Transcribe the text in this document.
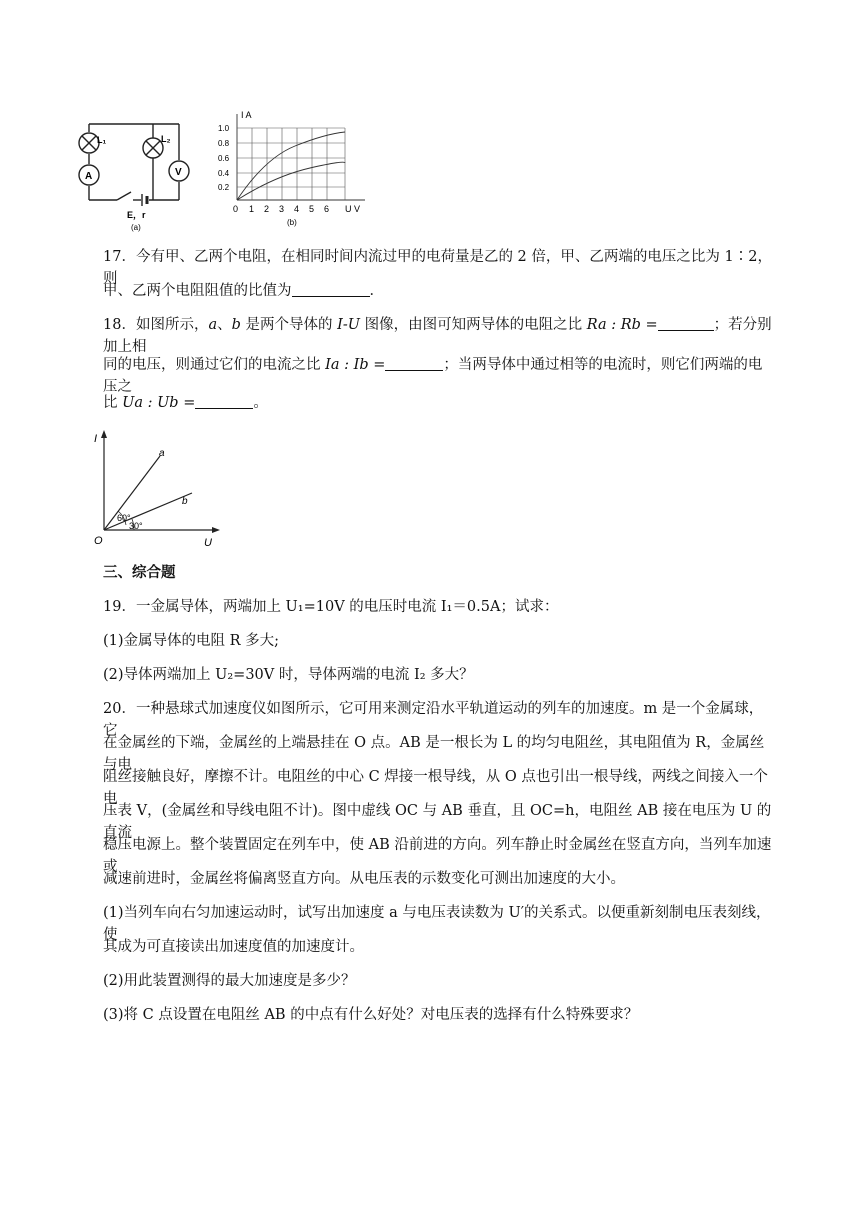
L₁	L₂
A	V
E，r
(a)
I A
1.0
0.8
0.6
0.4
0.2
0 1 2 3 4 5 6 U V
(b)
17．今有甲、乙两个电阻，在相同时间内流过甲的电荷量是乙的 2 倍，甲、乙两端的电压之比为 1∶2，则
甲、乙两个电阻阻值的比值为	．
18．如图所示，a、b 是两个导体的 I-U 图像，由图可知两导体的电阻之比 Ra : Rb =	；若分别加上相
同的电压，则通过它们的电流之比 Ia : Ib =	；当两导体中通过相等的电流时，则它们两端的电压之
比 Ua : Ub =	。
I
U
O
a
b
60°
30°
三、综合题
19．一金属导体，两端加上 U₁=10V 的电压时电流 I₁＝0.5A；试求：
(1)金属导体的电阻 R 多大;
(2)导体两端加上 U₂=30V 时，导体两端的电流 I₂ 多大？
20．一种悬球式加速度仪如图所示，它可用来测定沿水平轨道运动的列车的加速度。m 是一个金属球，它
在金属丝的下端，金属丝的上端悬挂在 O 点。AB 是一根长为 L 的均匀电阻丝，其电阻值为 R，金属丝与电
阻丝接触良好，摩擦不计。电阻丝的中心 C 焊接一根导线，从 O 点也引出一根导线，两线之间接入一个电
压表 V，(金属丝和导线电阻不计)。图中虚线 OC 与 AB 垂直，且 OC=h，电阻丝 AB 接在电压为 U 的直流
稳压电源上。整个装置固定在列车中，使 AB 沿前进的方向。列车静止时金属丝在竖直方向，当列车加速或
减速前进时，金属丝将偏离竖直方向。从电压表的示数变化可测出加速度的大小。
(1)当列车向右匀加速运动时，试写出加速度 a 与电压表读数为 U′的关系式。以便重新刻制电压表刻线，使
其成为可直接读出加速度值的加速度计。
(2)用此装置测得的最大加速度是多少？
(3)将 C 点设置在电阻丝 AB 的中点有什么好处？对电压表的选择有什么特殊要求？
